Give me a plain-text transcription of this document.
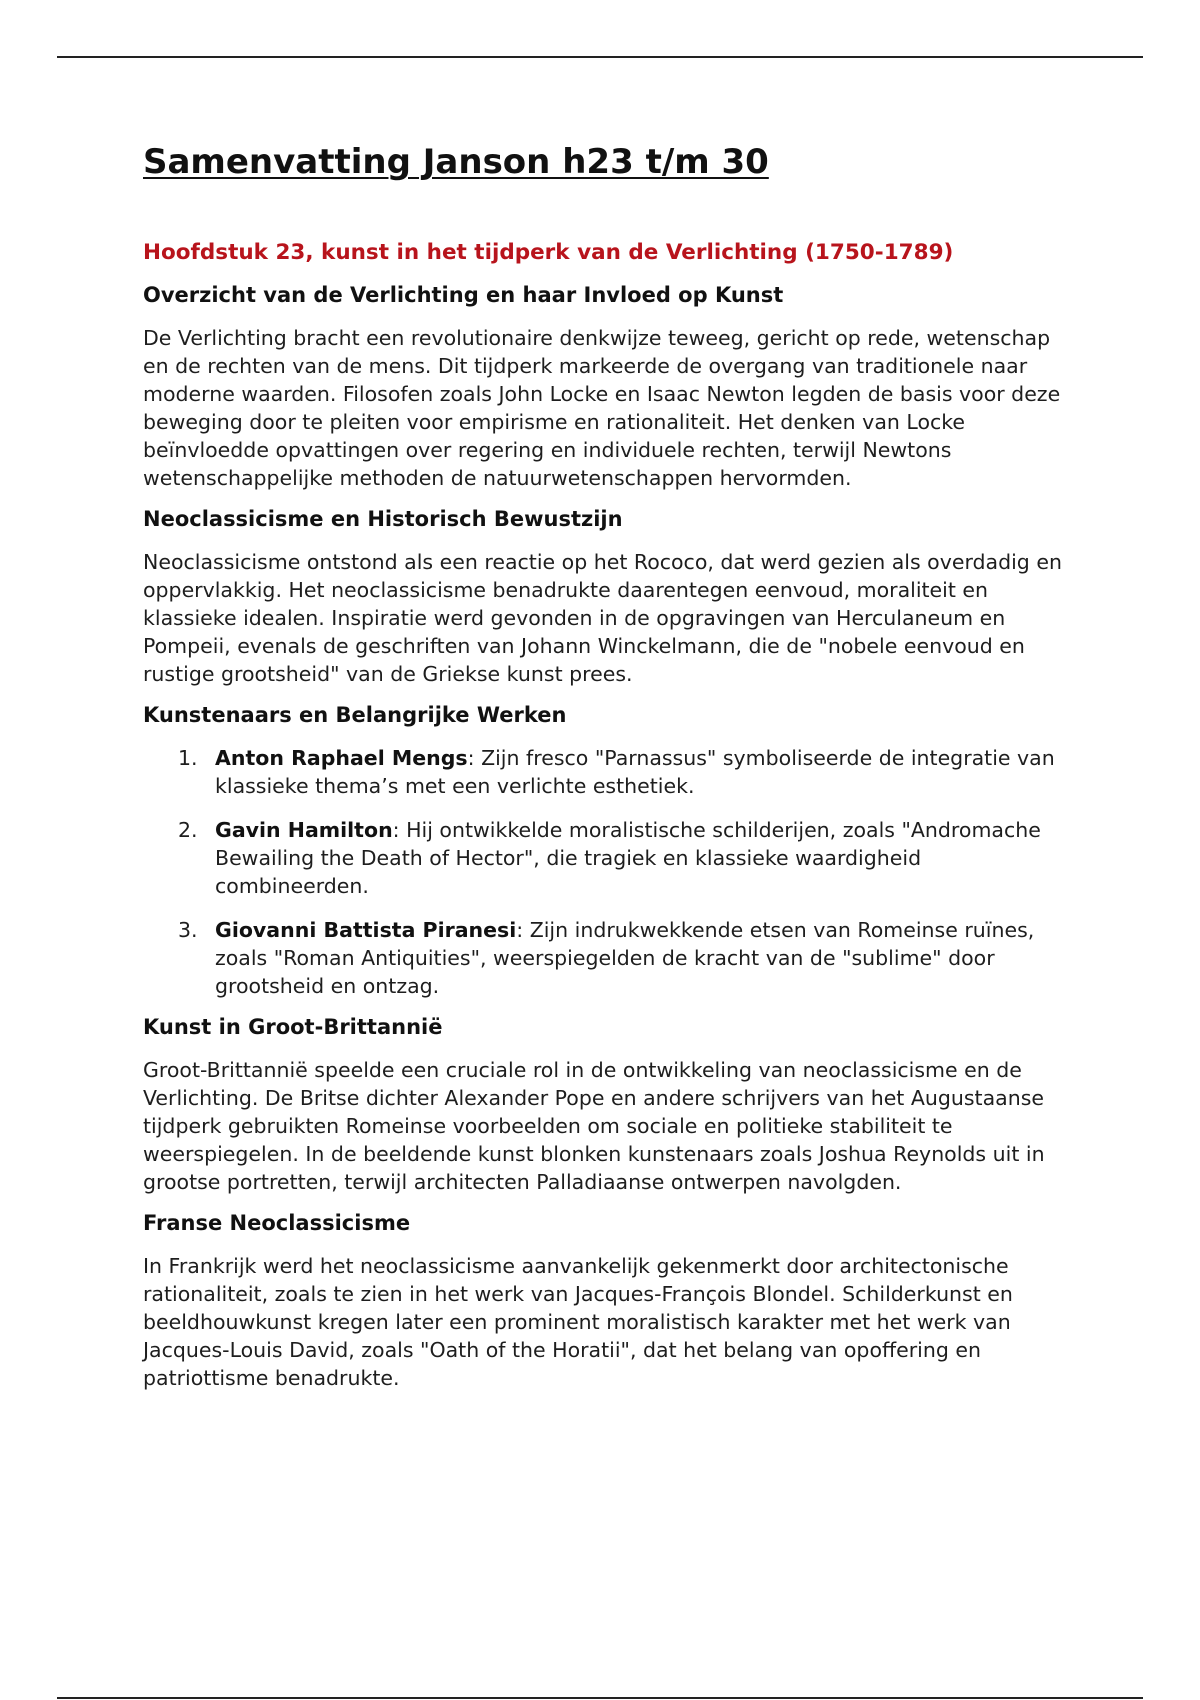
Samenvatting Janson h23 t/m 30
Hoofdstuk 23, kunst in het tijdperk van de Verlichting (1750-1789)
Overzicht van de Verlichting en haar Invloed op Kunst

De Verlichting bracht een revolutionaire denkwijze teweeg, gericht op rede, wetenschap en de rechten van de mens. Dit tijdperk markeerde de overgang van traditionele naar moderne waarden. Filosofen zoals John Locke en Isaac Newton legden de basis voor deze beweging door te pleiten voor empirisme en rationaliteit. Het denken van Locke beïnvloedde opvattingen over regering en individuele rechten, terwijl Newtons wetenschappelijke methoden de natuurwetenschappen hervormden.

Neoclassicisme en Historisch Bewustzijn

Neoclassicisme ontstond als een reactie op het Rococo, dat werd gezien als overdadig en oppervlakkig. Het neoclassicisme benadrukte daarentegen eenvoud, moraliteit en klassieke idealen. Inspiratie werd gevonden in de opgravingen van Herculaneum en Pompeii, evenals de geschriften van Johann Winckelmann, die de "nobele eenvoud en rustige grootsheid" van de Griekse kunst prees.

Kunstenaars en Belangrijke Werken
1. Anton Raphael Mengs: Zijn fresco "Parnassus" symboliseerde de integratie van klassieke thema’s met een verlichte esthetiek.
2. Gavin Hamilton: Hij ontwikkelde moralistische schilderijen, zoals "Andromache Bewailing the Death of Hector", die tragiek en klassieke waardigheid combineerden.
3. Giovanni Battista Piranesi: Zijn indrukwekkende etsen van Romeinse ruïnes, zoals "Roman Antiquities", weerspiegelden de kracht van de "sublime" door grootsheid en ontzag.
Kunst in Groot-Brittannië

Groot-Brittannië speelde een cruciale rol in de ontwikkeling van neoclassicisme en de Verlichting. De Britse dichter Alexander Pope en andere schrijvers van het Augustaanse tijdperk gebruikten Romeinse voorbeelden om sociale en politieke stabiliteit te weerspiegelen. In de beeldende kunst blonken kunstenaars zoals Joshua Reynolds uit in grootse portretten, terwijl architecten Palladiaanse ontwerpen navolgden.

Franse Neoclassicisme

In Frankrijk werd het neoclassicisme aanvankelijk gekenmerkt door architectonische rationaliteit, zoals te zien in het werk van Jacques-François Blondel. Schilderkunst en beeldhouwkunst kregen later een prominent moralistisch karakter met het werk van Jacques-Louis David, zoals "Oath of the Horatii", dat het belang van opoffering en patriottisme benadrukte.
